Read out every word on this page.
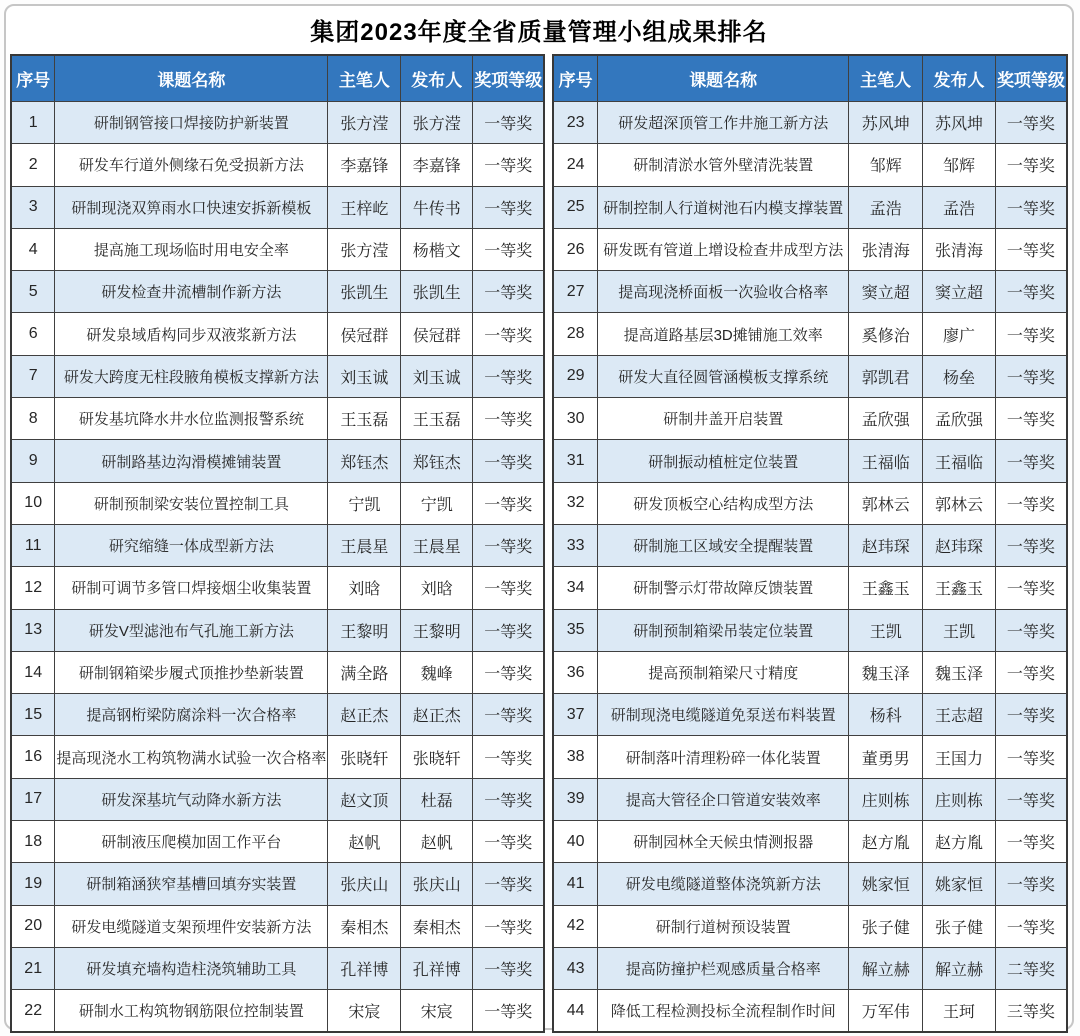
集团2023年度全省质量管理小组成果排名
序号	课题名称	主笔人	发布人	奖项等级
1	研制钢管接口焊接防护新装置	张方滢	张方滢	一等奖
2	研发车行道外侧缘石免受损新方法	李嘉锋	李嘉锋	一等奖
3	研制现浇双箅雨水口快速安拆新模板	王梓屹	牛传书	一等奖
4	提高施工现场临时用电安全率	张方滢	杨楷文	一等奖
5	研发检查井流槽制作新方法	张凯生	张凯生	一等奖
6	研发泉域盾构同步双液浆新方法	侯冠群	侯冠群	一等奖
7	研发大跨度无柱段腋角模板支撑新方法	刘玉诚	刘玉诚	一等奖
8	研发基坑降水井水位监测报警系统	王玉磊	王玉磊	一等奖
9	研制路基边沟滑模摊铺装置	郑钰杰	郑钰杰	一等奖
10	研制预制梁安装位置控制工具	宁凯	宁凯	一等奖
11	研究缩缝一体成型新方法	王晨星	王晨星	一等奖
12	研制可调节多管口焊接烟尘收集装置	刘晗	刘晗	一等奖
13	研发V型滤池布气孔施工新方法	王黎明	王黎明	一等奖
14	研制钢箱梁步履式顶推抄垫新装置	满全路	魏峰	一等奖
15	提高钢桁梁防腐涂料一次合格率	赵正杰	赵正杰	一等奖
16	提高现浇水工构筑物满水试验一次合格率	张晓轩	张晓轩	一等奖
17	研发深基坑气动降水新方法	赵文顶	杜磊	一等奖
18	研制液压爬模加固工作平台	赵帆	赵帆	一等奖
19	研制箱涵狭窄基槽回填夯实装置	张庆山	张庆山	一等奖
20	研发电缆隧道支架预埋件安装新方法	秦相杰	秦相杰	一等奖
21	研发填充墙构造柱浇筑辅助工具	孔祥博	孔祥博	一等奖
22	研制水工构筑物钢筋限位控制装置	宋宸	宋宸	一等奖
序号	课题名称	主笔人	发布人	奖项等级
23	研发超深顶管工作井施工新方法	苏风坤	苏风坤	一等奖
24	研制清淤水管外壁清洗装置	邹辉	邹辉	一等奖
25	研制控制人行道树池石内模支撑装置	孟浩	孟浩	一等奖
26	研发既有管道上增设检查井成型方法	张清海	张清海	一等奖
27	提高现浇桥面板一次验收合格率	窦立超	窦立超	一等奖
28	提高道路基层3D摊铺施工效率	奚修治	廖广	一等奖
29	研发大直径圆管涵模板支撑系统	郭凯君	杨垒	一等奖
30	研制井盖开启装置	孟欣强	孟欣强	一等奖
31	研制振动植桩定位装置	王福临	王福临	一等奖
32	研发顶板空心结构成型方法	郭林云	郭林云	一等奖
33	研制施工区域安全提醒装置	赵玮琛	赵玮琛	一等奖
34	研制警示灯带故障反馈装置	王鑫玉	王鑫玉	一等奖
35	研制预制箱梁吊装定位装置	王凯	王凯	一等奖
36	提高预制箱梁尺寸精度	魏玉泽	魏玉泽	一等奖
37	研制现浇电缆隧道免泵送布料装置	杨科	王志超	一等奖
38	研制落叶清理粉碎一体化装置	董勇男	王国力	一等奖
39	提高大管径企口管道安装效率	庄则栋	庄则栋	一等奖
40	研制园林全天候虫情测报器	赵方胤	赵方胤	一等奖
41	研发电缆隧道整体浇筑新方法	姚家恒	姚家恒	一等奖
42	研制行道树预设装置	张子健	张子健	一等奖
43	提高防撞护栏观感质量合格率	解立赫	解立赫	二等奖
44	降低工程检测投标全流程制作时间	万军伟	王珂	三等奖
